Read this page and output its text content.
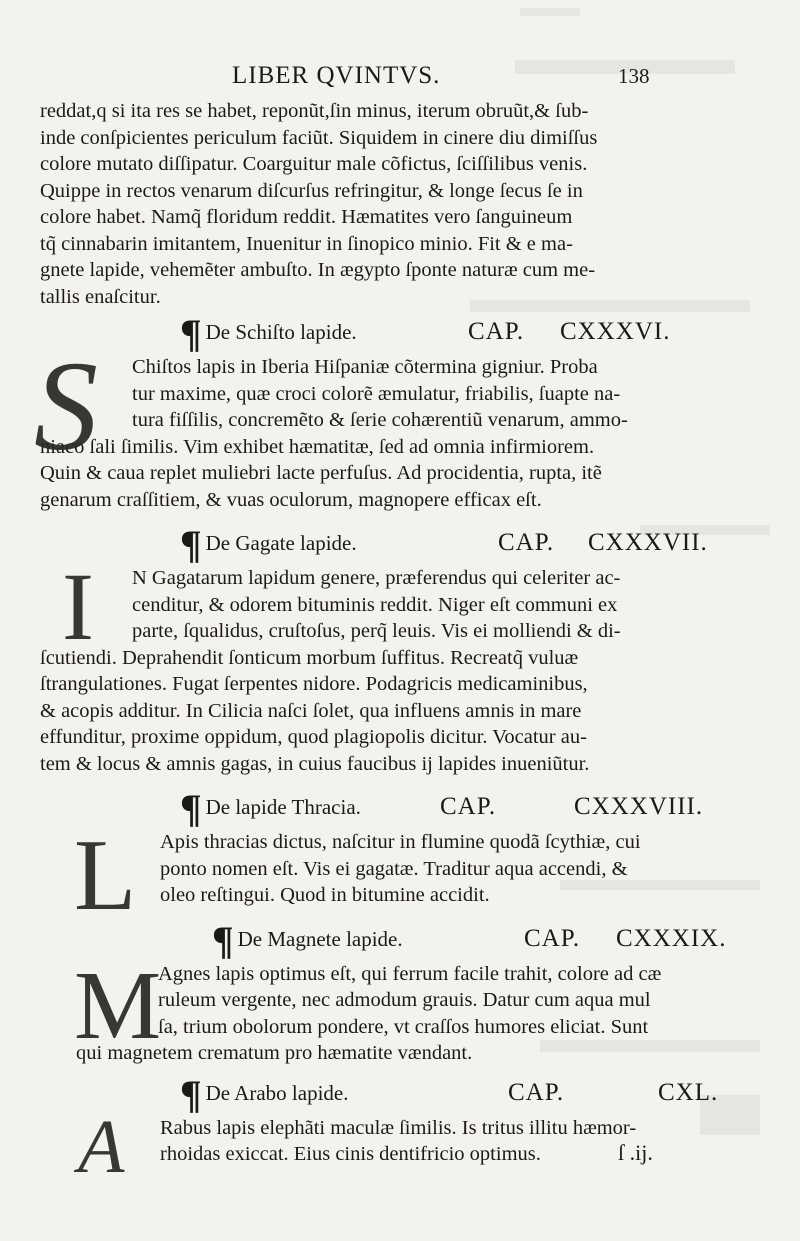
LIBER QVINTVS.	138
reddat,q si ita res se habet, reponũt,ſin minus, iterum obruũt,& ſub-
inde conſpicientes periculum faciũt. Siquidem in cinere diu dimiſſus
colore mutato diſſipatur. Coarguitur male cõfictus, ſciſſilibus venis.
Quippe in rectos venarum diſcurſus refringitur, & longe ſecus ſe in
colore habet. Namq̃ floridum reddit. Hæmatites vero ſanguineum
tq̃ cinnabarin imitantem, Inuenitur in ſinopico minio. Fit & e ma-
gnete lapide, vehemẽter ambuſto. In ægypto ſponte naturæ cum me-
tallis enaſcitur.
¶ De Schiſto lapide.	CAP. CXXXVI.
S	Chiſtos lapis in Iberia Hiſpaniæ cõtermina gigniur. Proba
tur maxime, quæ croci colorẽ æmulatur, friabilis, ſuapte na-
tura fiſſilis, concremẽto & ſerie cohærentiũ venarum, ammo-
niaco ſali ſimilis. Vim exhibet hæmatitæ, ſed ad omnia infirmiorem.
Quin & caua replet muliebri lacte perfuſus. Ad procidentia, rupta, itẽ
genarum craſſitiem, & vuas oculorum, magnopere efficax eſt.
¶ De Gagate lapide.	CAP. CXXXVII.
I	N Gagatarum lapidum genere, præferendus qui celeriter ac-
cenditur, & odorem bituminis reddit. Niger eſt communi ex
parte, ſqualidus, cruſtoſus, perq̃ leuis. Vis ei molliendi & di-
ſcutiendi. Deprahendit ſonticum morbum ſuffitus. Recreatq̃ vuluæ
ſtrangulationes. Fugat ſerpentes nidore. Podagricis medicaminibus,
& acopis additur. In Cilicia naſci ſolet, qua influens amnis in mare
effunditur, proxime oppidum, quod plagiopolis dicitur. Vocatur au-
tem & locus & amnis gagas, in cuius faucibus ij lapides inueniũtur.
¶ De lapide Thracia.	CAP.	CXXXVIII.
L	Apis thracias dictus, naſcitur in flumine quodã ſcythiæ, cui
ponto nomen eſt. Vis ei gagatæ. Traditur aqua accendi, &
oleo reſtingui. Quod in bitumine accidit.
¶ De Magnete lapide.	CAP. CXXXIX.
M
Agnes lapis optimus eſt, qui ferrum facile trahit, colore ad cæ
ruleum vergente, nec admodum grauis. Datur cum aqua mul
ſa, trium obolorum pondere, vt craſſos humores eliciat. Sunt
qui magnetem crematum pro hæmatite vændant.
¶ De Arabo lapide.	CAP.	CXL.
A	Rabus lapis elephãti maculæ ſimilis. Is tritus illitu hæmor-
rhoidas exiccat. Eius cinis dentifricio optimus.	ſ .ij.
